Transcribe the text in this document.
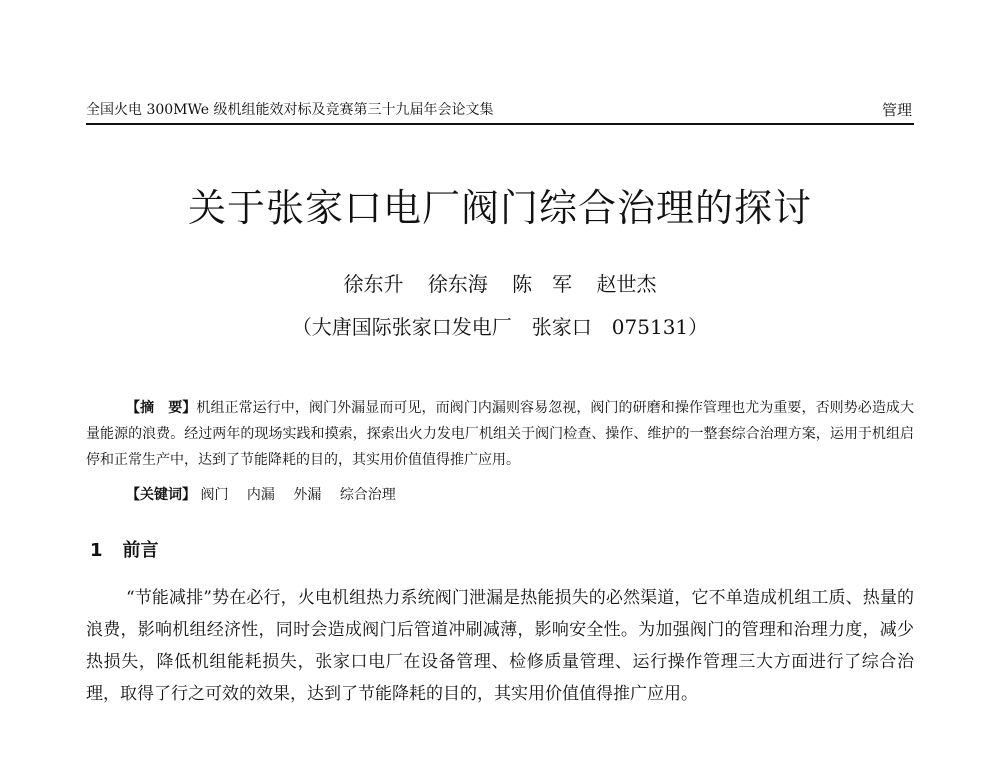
全国火电 300MWe 级机组能效对标及竞赛第三十九届年会论文集	管理
关于张家口电厂阀门综合治理的探讨
徐东升 徐东海 陈　军 赵世杰
（大唐国际张家口发电厂　张家口　075131）

【摘　要】机组正常运行中，阀门外漏显而可见，而阀门内漏则容易忽视，阀门的研磨和操作管理也尤为重要，否则势必造成大量能源的浪费。经过两年的现场实践和摸索，探索出火力发电厂机组关于阀门检查、操作、维护的一整套综合治理方案，运用于机组启停和正常生产中，达到了节能降耗的目的，其实用价值值得推广应用。

【关键词】 阀门 内漏 外漏 综合治理
1 前言

“节能减排”势在必行，火电机组热力系统阀门泄漏是热能损失的必然渠道，它不单造成机组工质、热量的浪费，影响机组经济性，同时会造成阀门后管道冲刷减薄，影响安全性。为加强阀门的管理和治理力度，减少热损失，降低机组能耗损失，张家口电厂在设备管理、检修质量管理、运行操作管理三大方面进行了综合治理，取得了行之可效的效果，达到了节能降耗的目的，其实用价值值得推广应用。
